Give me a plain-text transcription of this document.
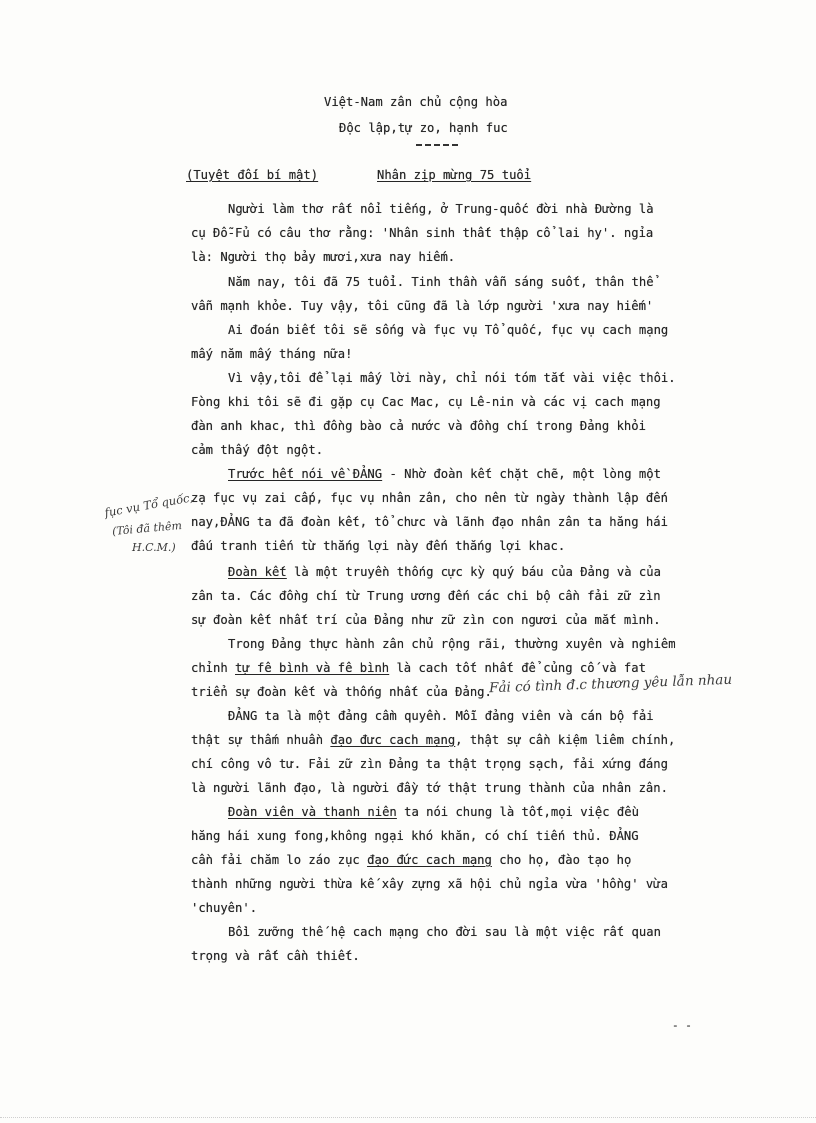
Việt-Nam zân chủ cộng hòa
Độc lập,tự zo, hạnh fuc
(Tuyệt đối bí mật)	Nhân zịp mừng 75 tuổi
Người làm thơ rất nổi tiếng, ở Trung-quốc đời nhà Đường là
cụ Đỗ-Fủ có câu thơ rằng: 'Nhân sinh thất thập cổ lai hy'. ngỉa
là: Người thọ bảy mươi,xưa nay hiếm.
Năm nay, tôi đã 75 tuổi. Tinh thần vẫn sáng suốt, thân thể
vẫn mạnh khỏe. Tuy vậy, tôi cũng đã là lớp người 'xưa nay hiếm'
Ai đoán biết tôi sẽ sống và fục vụ Tổ quốc, fục vụ cach mạng
mấy năm mấy tháng nữa!
Vì vậy,tôi để lại mấy lời này, chỉ nói tóm tắt vài việc thôi.
Fòng khi tôi sẽ đi gặp cụ Cac Mac, cụ Lê-nin và các vị cach mạng
đàn anh khac, thì đồng bào cả nước và đồng chí trong Đảng khỏi
cảm thấy đột ngột.
Trước hết nói về ĐẢNG - Nhờ đoàn kết chặt chẽ, một lòng một
zạ fục vụ zai cấp, fục vụ nhân zân, cho nên từ ngày thành lập đến
nay,ĐẢNG ta đã đoàn kết, tổ chưc và lãnh đạo nhân zân ta hăng hái
đấu tranh tiến từ thắng lợi này đến thắng lợi khac.
fục vụ Tổ quốc,
(Tôi đã thêm
H.C.M.)
Đoàn kết là một truyền thống cực kỳ quý báu của Đảng và của
zân ta. Các đồng chí từ Trung ương đến các chi bộ cần fải zữ zìn
sự đoàn kết nhất trí của Đảng như zữ zìn con ngươi của mắt mình.
Trong Đảng thực hành zân chủ rộng rãi, thường xuyên và nghiêm
chỉnh tự fê bình và fê bình là cach tốt nhất để củng cố và fat
triển sự đoàn kết và thống nhất của Đảng.
Fải có tình đ.c thương yêu lẫn nhau
ĐẢNG ta là một đảng cầm quyền. Mỗi đảng viên và cán bộ fải
thật sự thấm nhuần đạo đưc cach mạng, thật sự cần kiệm liêm chính,
chí công vô tư. Fải zữ zìn Đảng ta thật trọng sạch, fải xứng đáng
là người lãnh đạo, là người đầy tớ thật trung thành của nhân zân.
Đoàn viên và thanh niên ta nói chung là tốt,mọi việc đều
hăng hái xung fong,không ngại khó khăn, có chí tiến thủ. ĐẢNG
cần fải chăm lo záo zục đạo đức cach mạng cho họ, đào tạo họ
thành những người thừa kế xây zựng xã hội chủ ngỉa vừa 'hồng' vừa
'chuyên'.
Bồi zưỡng thế hệ cach mạng cho đời sau là một việc rất quan
trọng và rất cần thiết.
- -
